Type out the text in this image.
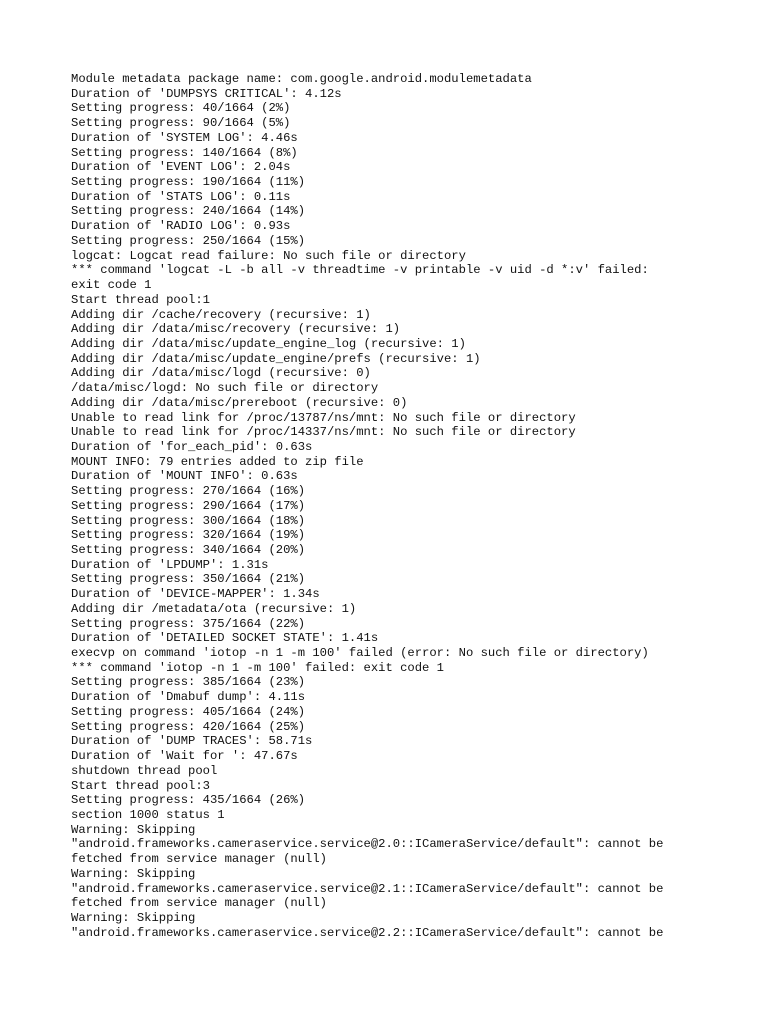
Module metadata package name: com.google.android.modulemetadata
Duration of 'DUMPSYS CRITICAL': 4.12s
Setting progress: 40/1664 (2%)
Setting progress: 90/1664 (5%)
Duration of 'SYSTEM LOG': 4.46s
Setting progress: 140/1664 (8%)
Duration of 'EVENT LOG': 2.04s
Setting progress: 190/1664 (11%)
Duration of 'STATS LOG': 0.11s
Setting progress: 240/1664 (14%)
Duration of 'RADIO LOG': 0.93s
Setting progress: 250/1664 (15%)
logcat: Logcat read failure: No such file or directory
*** command 'logcat -L -b all -v threadtime -v printable -v uid -d *:v' failed:
exit code 1
Start thread pool:1
Adding dir /cache/recovery (recursive: 1)
Adding dir /data/misc/recovery (recursive: 1)
Adding dir /data/misc/update_engine_log (recursive: 1)
Adding dir /data/misc/update_engine/prefs (recursive: 1)
Adding dir /data/misc/logd (recursive: 0)
/data/misc/logd: No such file or directory
Adding dir /data/misc/prereboot (recursive: 0)
Unable to read link for /proc/13787/ns/mnt: No such file or directory
Unable to read link for /proc/14337/ns/mnt: No such file or directory
Duration of 'for_each_pid': 0.63s
MOUNT INFO: 79 entries added to zip file
Duration of 'MOUNT INFO': 0.63s
Setting progress: 270/1664 (16%)
Setting progress: 290/1664 (17%)
Setting progress: 300/1664 (18%)
Setting progress: 320/1664 (19%)
Setting progress: 340/1664 (20%)
Duration of 'LPDUMP': 1.31s
Setting progress: 350/1664 (21%)
Duration of 'DEVICE-MAPPER': 1.34s
Adding dir /metadata/ota (recursive: 1)
Setting progress: 375/1664 (22%)
Duration of 'DETAILED SOCKET STATE': 1.41s
execvp on command 'iotop -n 1 -m 100' failed (error: No such file or directory)
*** command 'iotop -n 1 -m 100' failed: exit code 1
Setting progress: 385/1664 (23%)
Duration of 'Dmabuf dump': 4.11s
Setting progress: 405/1664 (24%)
Setting progress: 420/1664 (25%)
Duration of 'DUMP TRACES': 58.71s
Duration of 'Wait for ': 47.67s
shutdown thread pool
Start thread pool:3
Setting progress: 435/1664 (26%)
section 1000 status 1
Warning: Skipping
"android.frameworks.cameraservice.service@2.0::ICameraService/default": cannot be
fetched from service manager (null)
Warning: Skipping
"android.frameworks.cameraservice.service@2.1::ICameraService/default": cannot be
fetched from service manager (null)
Warning: Skipping
"android.frameworks.cameraservice.service@2.2::ICameraService/default": cannot be
